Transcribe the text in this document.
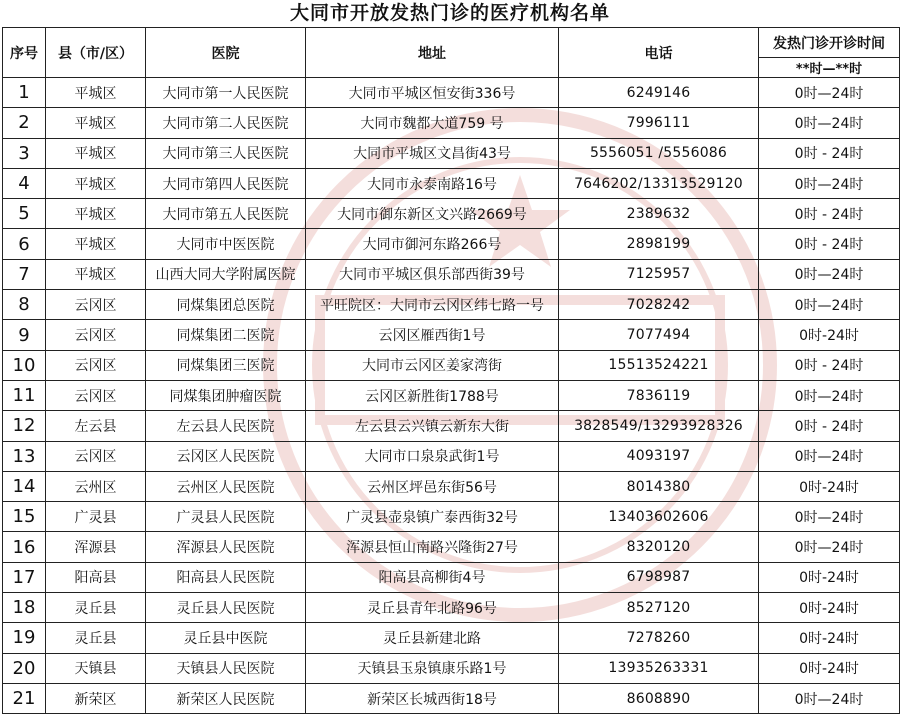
大同市开放发热门诊的医疗机构名单
序号	县（市/区）	医院	地址	电话	发热门诊开诊时间
					**时—**时
1	平城区	大同市第一人民医院	大同市平城区恒安街336号	6249146	0时—24时
2	平城区	大同市第二人民医院	大同市魏都大道759 号	7996111	0时—24时
3	平城区	大同市第三人民医院	大同市平城区文昌街43号	5556051 /5556086	0时 - 24时
4	平城区	大同市第四人民医院	大同市永泰南路16号	7646202/13313529120	0时—24时
5	平城区	大同市第五人民医院	大同市御东新区文兴路2669号	2389632	0时 - 24时
6	平城区	大同市中医医院	大同市御河东路266号	2898199	0时 - 24时
7	平城区	山西大同大学附属医院	大同市平城区俱乐部西街39号	7125957	0时—24时
8	云冈区	同煤集团总医院	平旺院区：大同市云冈区纬七路一号	7028242	0时—24时
9	云冈区	同煤集团二医院	云冈区雁西街1号	7077494	0时-24时
10	云冈区	同煤集团三医院	大同市云冈区姜家湾街	15513524221	0时 - 24时
11	云冈区	同煤集团肿瘤医院	云冈区新胜街1788号	7836119	0时—24时
12	左云县	左云县人民医院	左云县云兴镇云新东大街	3828549/13293928326	0时 - 24时
13	云冈区	云冈区人民医院	大同市口泉泉武街1号	4093197	0时—24时
14	云州区	云州区人民医院	云州区坪邑东街56号	8014380	0时-24时
15	广灵县	广灵县人民医院	广灵县壶泉镇广泰西街32号	13403602606	0时—24时
16	浑源县	浑源县人民医院	浑源县恒山南路兴隆街27号	8320120	0时—24时
17	阳高县	阳高县人民医院	阳高县高柳街4号	6798987	0时-24时
18	灵丘县	灵丘县人民医院	灵丘县青年北路96号	8527120	0时-24时
19	灵丘县	灵丘县中医院	灵丘县新建北路	7278260	0时-24时
20	天镇县	天镇县人民医院	天镇县玉泉镇康乐路1号	13935263331	0时-24时
21	新荣区	新荣区人民医院	新荣区长城西街18号	8608890	0时—24时
